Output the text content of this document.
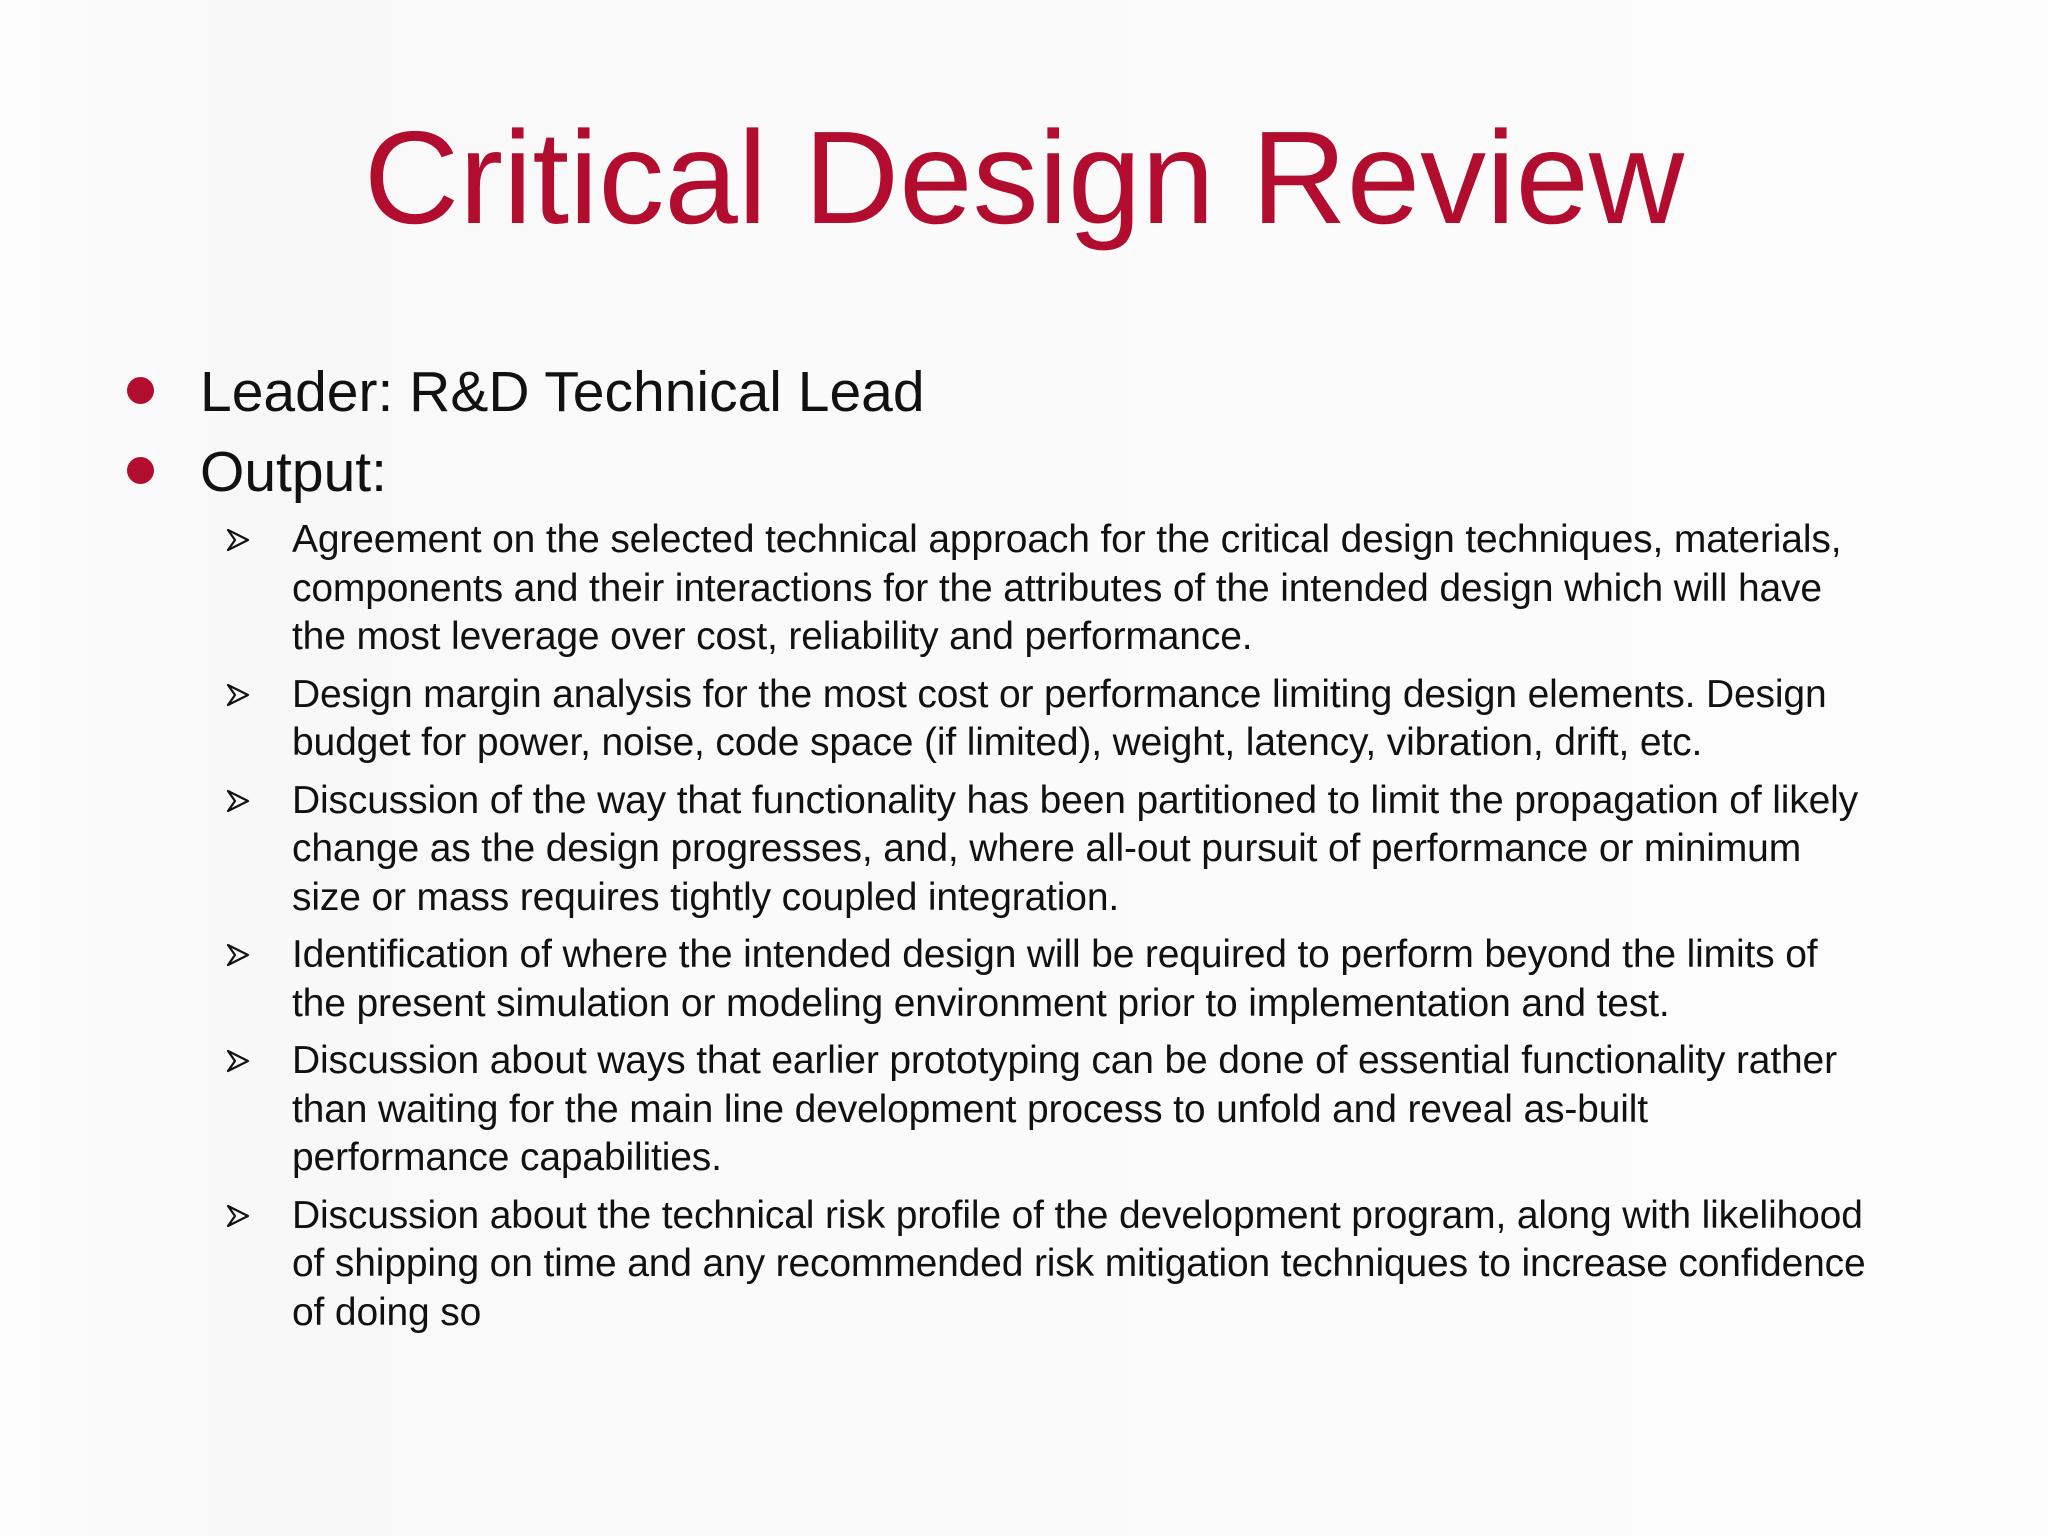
Critical Design Review
Leader: R&D Technical Lead
Output:
Agreement on the selected technical approach for the critical design techniques, materials,
components and their interactions for the attributes of the intended design which will have
the most leverage over cost, reliability and performance.
Design margin analysis for the most cost or performance limiting design elements. Design
budget for power, noise, code space (if limited), weight, latency, vibration, drift, etc.
Discussion of the way that functionality has been partitioned to limit the propagation of likely
change as the design progresses, and, where all-out pursuit of performance or minimum
size or mass requires tightly coupled integration.
Identification of where the intended design will be required to perform beyond the limits of
the present simulation or modeling environment prior to implementation and test.
Discussion about ways that earlier prototyping can be done of essential functionality rather
than waiting for the main line development process to unfold and reveal as-built
performance capabilities.
Discussion about the technical risk profile of the development program, along with likelihood
of shipping on time and any recommended risk mitigation techniques to increase confidence
of doing so
